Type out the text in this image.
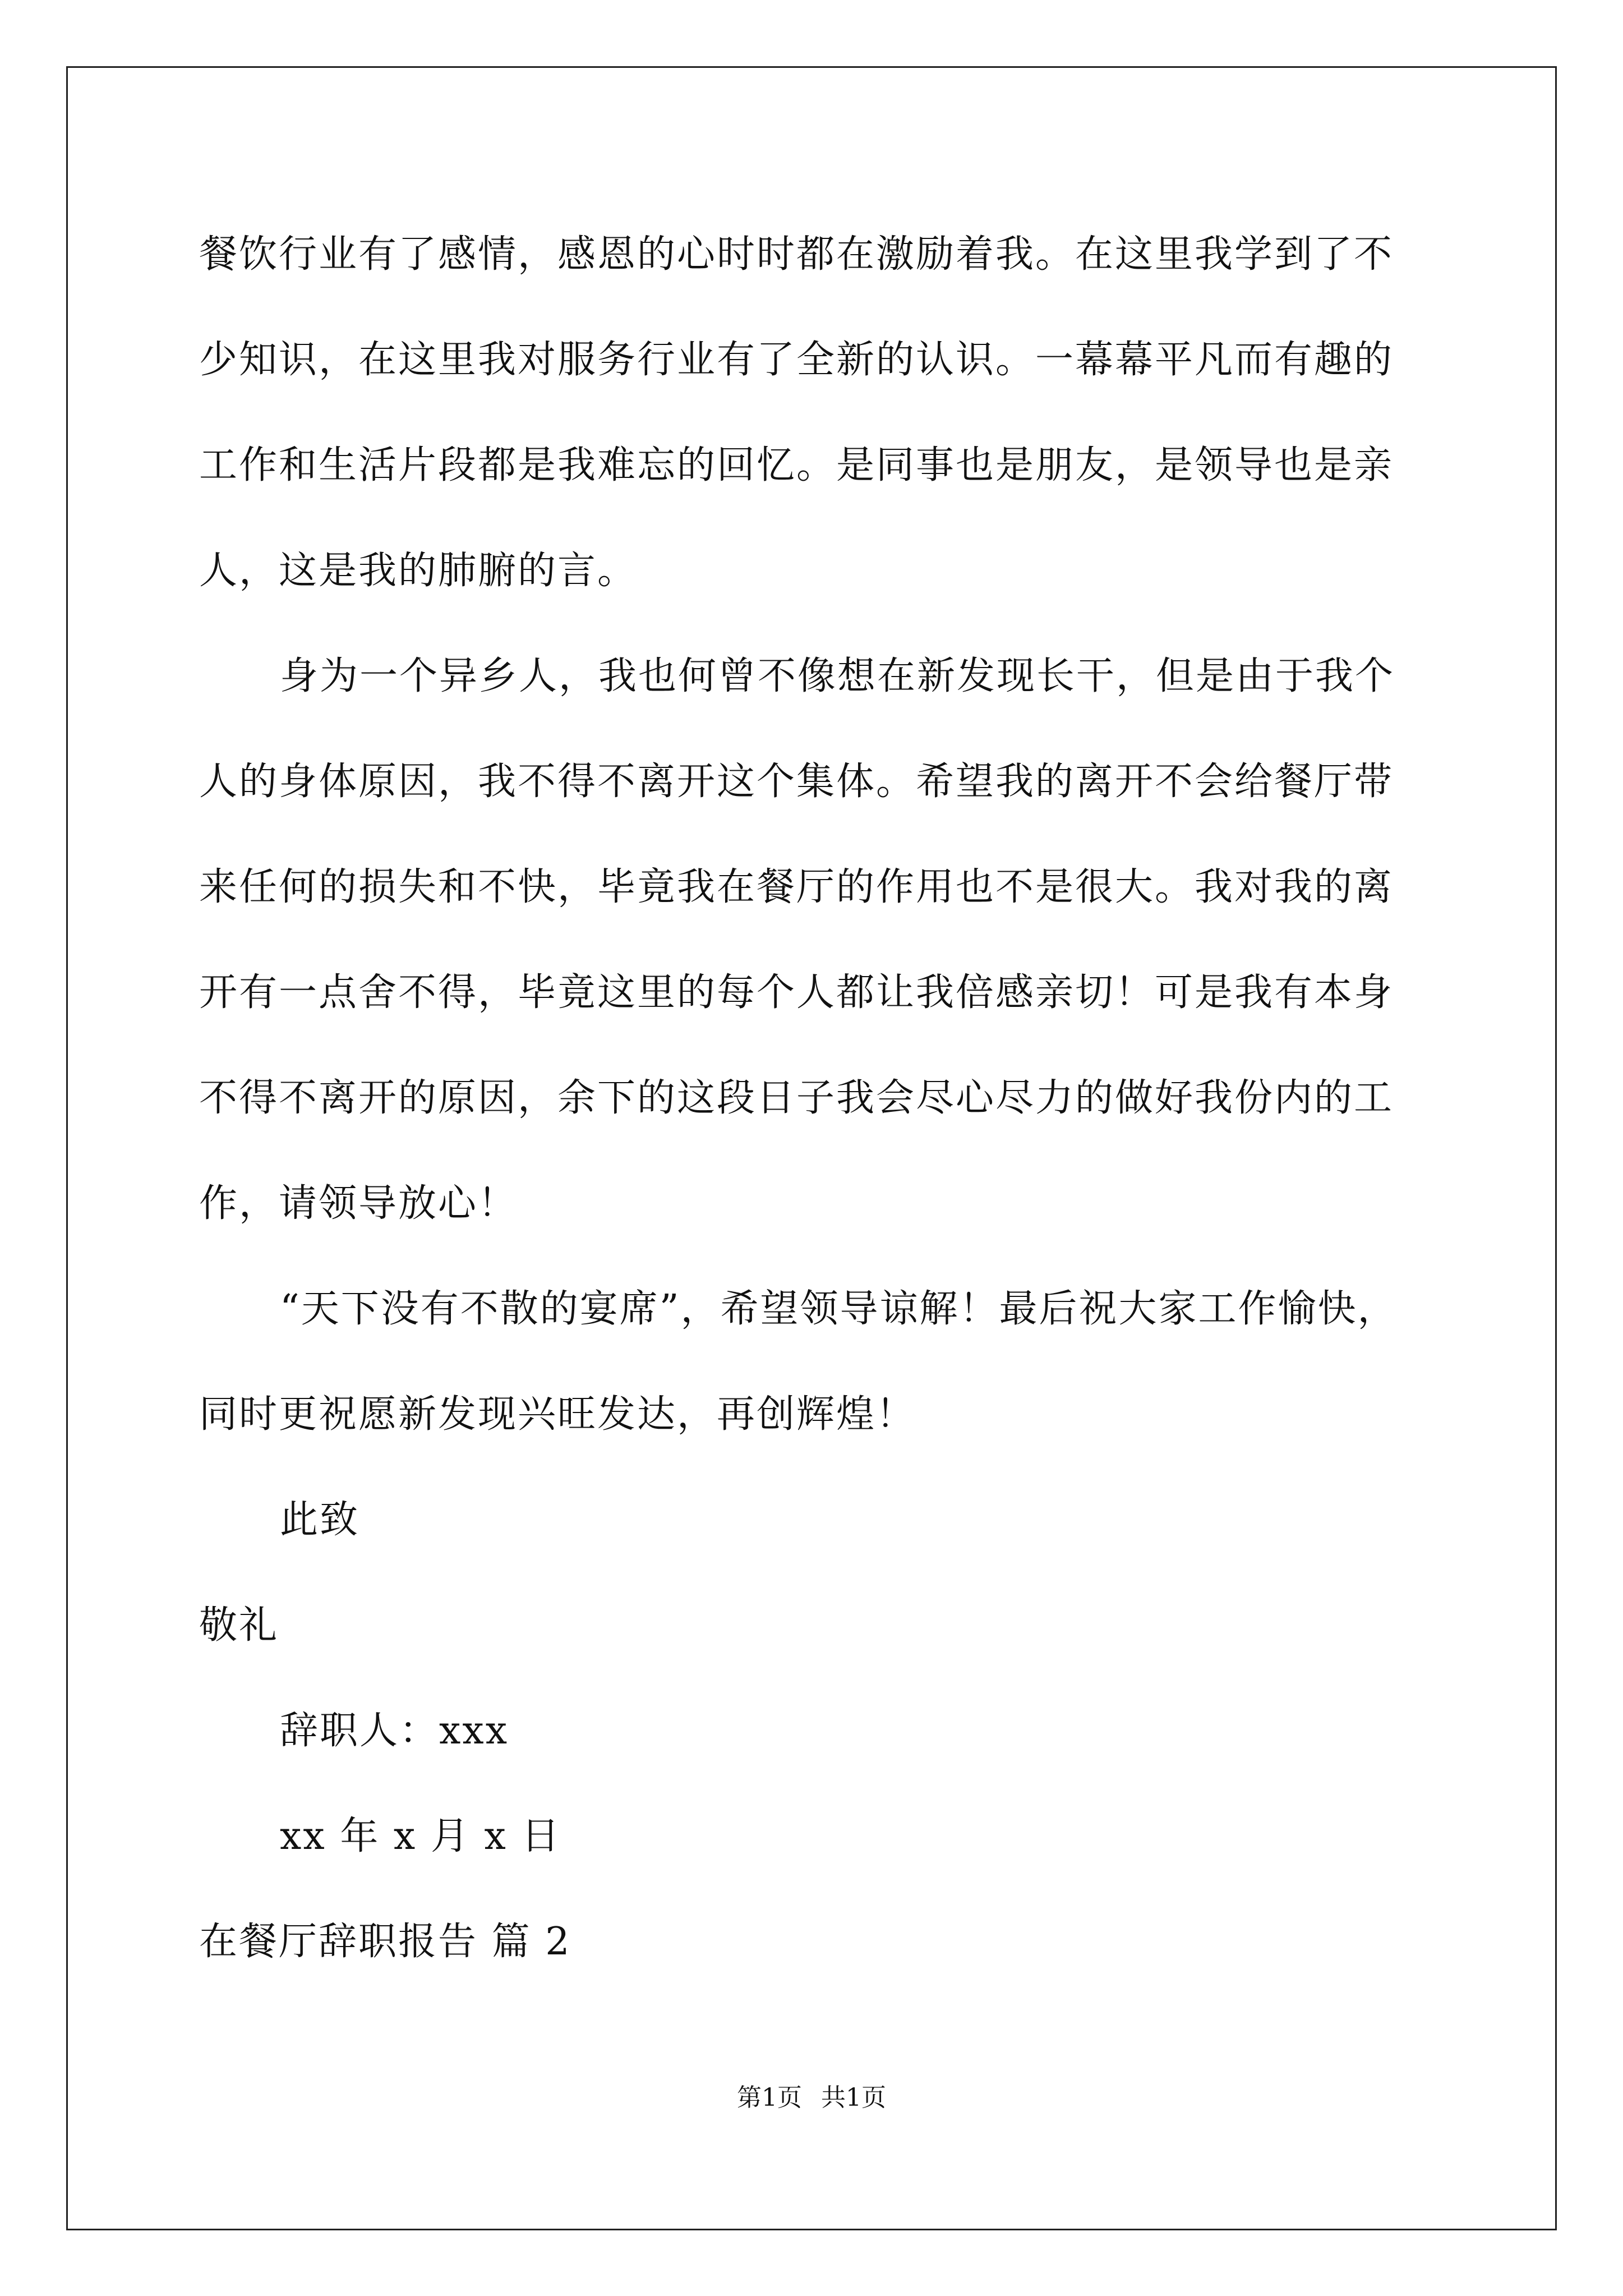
餐饮行业有了感情，感恩的心时时都在激励着我。在这里我学到了不
少知识，在这里我对服务行业有了全新的认识。一幕幕平凡而有趣的
工作和生活片段都是我难忘的回忆。是同事也是朋友，是领导也是亲
人，这是我的肺腑的言。
身为一个异乡人，我也何曾不像想在新发现长干，但是由于我个
人的身体原因，我不得不离开这个集体。希望我的离开不会给餐厅带
来任何的损失和不快，毕竟我在餐厅的作用也不是很大。我对我的离
开有一点舍不得，毕竟这里的每个人都让我倍感亲切！可是我有本身
不得不离开的原因，余下的这段日子我会尽心尽力的做好我份内的工
作，请领导放心！
“天下没有不散的宴席”，希望领导谅解！最后祝大家工作愉快，
同时更祝愿新发现兴旺发达，再创辉煌！
此致
敬礼
辞职人：xxx
xx 年 x 月 x 日
在餐厅辞职报告 篇 2
第1页 共1页
